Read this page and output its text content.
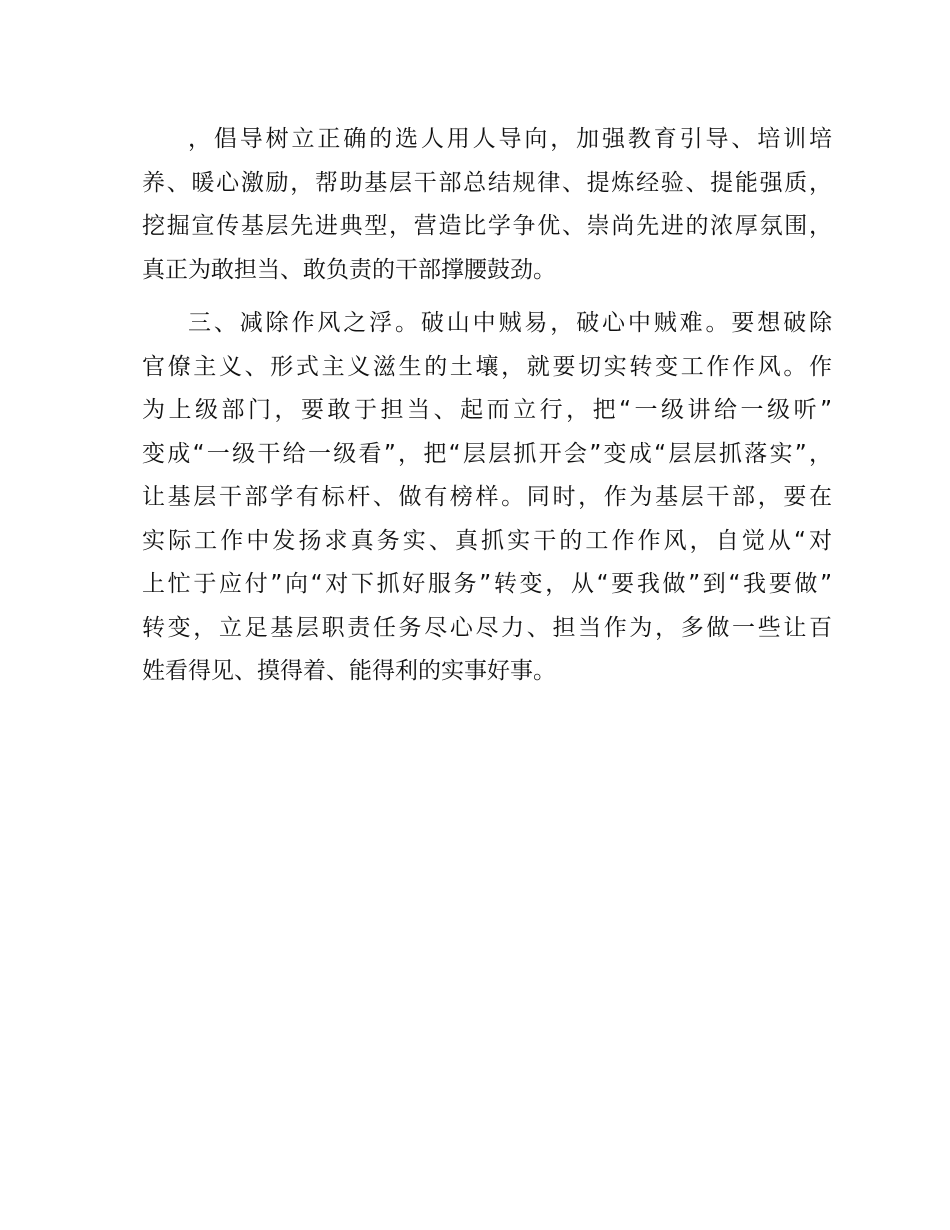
，倡导树立正确的选人用人导向，加强教育引导、培训培
养、暖心激励，帮助基层干部总结规律、提炼经验、提能强质，
挖掘宣传基层先进典型，营造比学争优、崇尚先进的浓厚氛围，
真正为敢担当、敢负责的干部撑腰鼓劲。

三、减除作风之浮。破山中贼易，破心中贼难。要想破除
官僚主义、形式主义滋生的土壤，就要切实转变工作作风。作
为上级部门，要敢于担当、起而立行，把“一级讲给一级听”
变成“一级干给一级看”，把“层层抓开会”变成“层层抓落实”，
让基层干部学有标杆、做有榜样。同时，作为基层干部，要在
实际工作中发扬求真务实、真抓实干的工作作风，自觉从“对
上忙于应付”向“对下抓好服务”转变，从“要我做”到“我要做”
转变，立足基层职责任务尽心尽力、担当作为，多做一些让百
姓看得见、摸得着、能得利的实事好事。
